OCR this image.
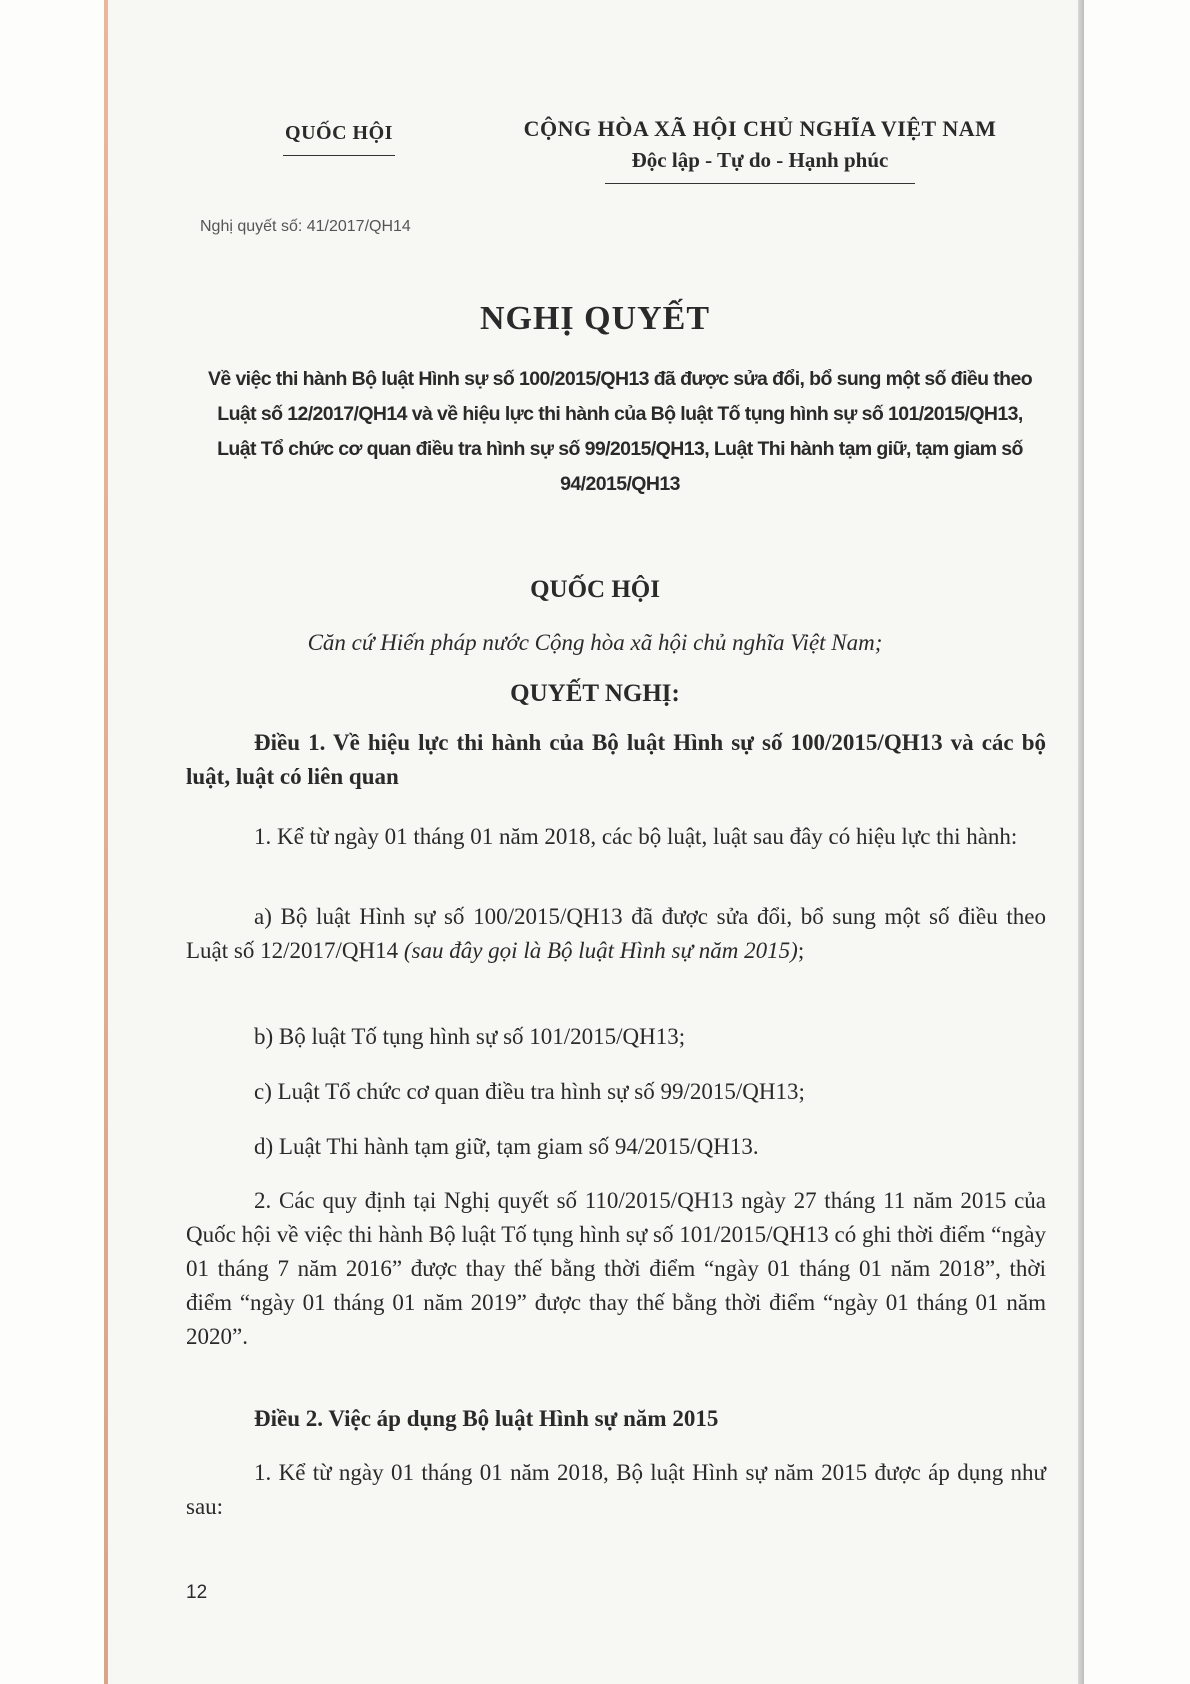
QUỐC HỘI	CỘNG HÒA XÃ HỘI CHỦ NGHĨA VIỆT NAM
Độc lập - Tự do - Hạnh phúc
Nghị quyết số: 41/2017/QH14
NGHỊ QUYẾT
Về việc thi hành Bộ luật Hình sự số 100/2015/QH13 đã được sửa đổi, bổ sung một số điều theo Luật số 12/2017/QH14 và về hiệu lực thi hành của Bộ luật Tố tụng hình sự số 101/2015/QH13, Luật Tổ chức cơ quan điều tra hình sự số 99/2015/QH13, Luật Thi hành tạm giữ, tạm giam số 94/2015/QH13
QUỐC HỘI
Căn cứ Hiến pháp nước Cộng hòa xã hội chủ nghĩa Việt Nam;
QUYẾT NGHỊ:
Điều 1. Về hiệu lực thi hành của Bộ luật Hình sự số 100/2015/QH13 và các bộ luật, luật có liên quan
1. Kể từ ngày 01 tháng 01 năm 2018, các bộ luật, luật sau đây có hiệu lực thi hành:
a) Bộ luật Hình sự số 100/2015/QH13 đã được sửa đổi, bổ sung một số điều theo Luật số 12/2017/QH14 (sau đây gọi là Bộ luật Hình sự năm 2015);
b) Bộ luật Tố tụng hình sự số 101/2015/QH13;
c) Luật Tổ chức cơ quan điều tra hình sự số 99/2015/QH13;
d) Luật Thi hành tạm giữ, tạm giam số 94/2015/QH13.
2. Các quy định tại Nghị quyết số 110/2015/QH13 ngày 27 tháng 11 năm 2015 của Quốc hội về việc thi hành Bộ luật Tố tụng hình sự số 101/2015/QH13 có ghi thời điểm “ngày 01 tháng 7 năm 2016” được thay thế bằng thời điểm “ngày 01 tháng 01 năm 2018”, thời điểm “ngày 01 tháng 01 năm 2019” được thay thế bằng thời điểm “ngày 01 tháng 01 năm 2020”.
Điều 2. Việc áp dụng Bộ luật Hình sự năm 2015
1. Kể từ ngày 01 tháng 01 năm 2018, Bộ luật Hình sự năm 2015 được áp dụng như sau:
12
